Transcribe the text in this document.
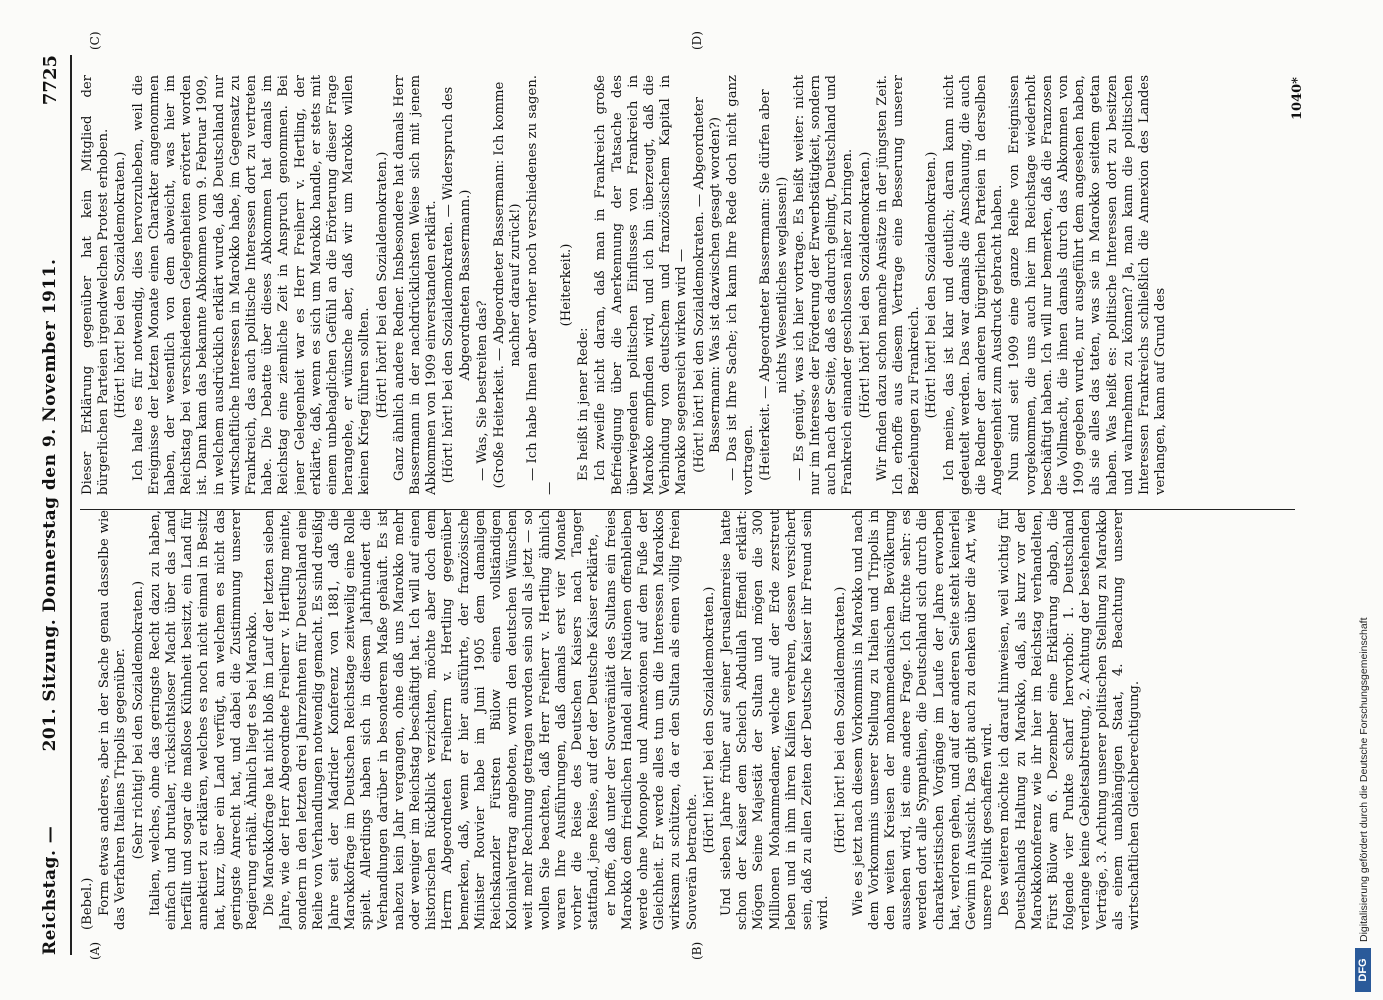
Reichstag. —
201. Sitzung. Donnerstag den 9. November 1911.
7725
(A)	(B)
(C)	(D)

(Bebel.) Form etwas anderes, aber in der Sache genau dasselbe wie das Verfahren Italiens Tripolis gegenüber. (Sehr richtig! bei den Sozialdemokraten.) Italien, welches, ohne das geringste Recht dazu zu haben, einfach und brutaler, rücksichtsloser Macht über das Land herfällt und sogar die maßlose Kühnheit besitzt, ein Land für annektiert zu erklären, welches es noch nicht einmal in Besitz hat, kurz, über ein Land verfügt, an welchem es nicht das geringste Anrecht hat, und dabei die Zustimmung unserer Regierung erhält. Ähnlich liegt es bei Marokko. Die Marokkofrage hat nicht bloß im Lauf der letzten sieben Jahre, wie der Herr Abgeordnete Freiherr v. Hertling meinte, sondern in den letzten drei Jahrzehnten für Deutschland eine Reihe von Verhandlungen notwendig gemacht. Es sind dreißig Jahre seit der Madrider Konferenz von 1881, daß die Marokkofrage im Deutschen Reichstage zeitweilig eine Rolle spielt. Allerdings haben sich in diesem Jahrhundert die Verhandlungen darüber in besonderem Maße gehäuft. Es ist nahezu kein Jahr vergangen, ohne daß uns Marokko mehr oder weniger im Reichstag beschäftigt hat. Ich will auf einen historischen Rückblick verzichten, möchte aber doch dem Herrn Abgeordneten Freiherrn v. Hertling gegenüber bemerken, daß, wenn er hier ausführte, der französische Minister Rouvier habe im Juni 1905 dem damaligen Reichskanzler Fürsten Bülow einen vollständigen Kolonialvertrag angeboten, worin den deutschen Wünschen weit mehr Rechnung getragen worden sein soll als jetzt — so wollen Sie beachten, daß Herr Freiherr v. Hertling ähnlich waren Ihre Ausführungen, daß damals erst vier Monate vorher die Reise des Deutschen Kaisers nach Tanger stattfand, jene Reise, auf der der Deutsche Kaiser erklärte, er hoffe, daß unter der Souveränität des Sultans ein freies Marokko dem friedlichen Handel aller Nationen offenbleiben werde ohne Monopole und Annexionen auf dem Fuße der Gleichheit. Er werde alles tun um die Interessen Marokkos wirksam zu schützen, da er den Sultan als einen völlig freien Souverän betrachte.

(Hört! hört! bei den Sozialdemokraten.) Und sieben Jahre früher auf seiner Jerusalemreise hatte schon der Kaiser dem Scheich Abdullah Effendi erklärt: Mögen Seine Majestät der Sultan und mögen die 300 Millionen Mohammedaner, welche auf der Erde zerstreut leben und in ihm ihren Kalifen verehren, dessen versichert sein, daß zu allen Zeiten der Deutsche Kaiser ihr Freund sein wird.

(Hört! hört! bei den Sozialdemokraten.) Wie es jetzt nach diesem Vorkommnis in Marokko und nach dem Vorkommnis unserer Stellung zu Italien und Tripolis in den weiten Kreisen der mohammedanischen Bevölkerung aussehen wird, ist eine andere Frage. Ich fürchte sehr: es werden dort alle Sympathien, die Deutschland sich durch die charakteristischen Vorgänge im Laufe der Jahre erworben hat, verloren gehen, und auf der anderen Seite steht keinerlei Gewinn in Aussicht. Das gibt auch zu denken über die Art, wie unsere Politik geschaffen wird. Des weiteren möchte ich darauf hinweisen, weil wichtig für Deutschlands Haltung zu Marokko, daß, als kurz vor der Marokkokonferenz wie ihr hier im Reichstag verhandelten, Fürst Bülow am 6. Dezember eine Erklärung abgab, die folgende vier Punkte scharf hervorhob: 1. Deutschland verlange keine Gebietsabtretung, 2. Achtung der bestehenden Verträge, 3. Achtung unserer politischen Stellung zu Marokko als einem unabhängigen Staat, 4. Beachtung unserer wirtschaftlichen Gleichberechtigung.

Dieser Erklärung gegenüber hat kein Mitglied der bürgerlichen Parteien irgendwelchen Protest erhoben. (Hört! hört! bei den Sozialdemokraten.) Ich halte es für notwendig, dies hervorzuheben, weil die Ereignisse der letzten Monate einen Charakter angenommen haben, der wesentlich von dem abweicht, was hier im Reichstag bei verschiedenen Gelegenheiten erörtert worden ist. Dann kam das bekannte Abkommen vom 9. Februar 1909, in welchem ausdrücklich erklärt wurde, daß Deutschland nur wirtschaftliche Interessen in Marokko habe, im Gegensatz zu Frankreich, das auch politische Interessen dort zu vertreten habe. Die Debatte über dieses Abkommen hat damals im Reichstag eine ziemliche Zeit in Anspruch genommen. Bei jener Gelegenheit war es Herr Freiherr v. Hertling, der erklärte, daß, wenn es sich um Marokko handle, er stets mit einem unbehaglichen Gefühl an die Erörterung dieser Frage herangehe, er wünsche aber, daß wir um Marokko willen keinen Krieg führen sollten. (Hört! hört! bei den Sozialdemokraten.) Ganz ähnlich andere Redner. Insbesondere hat damals Herr Bassermann in der nachdrücklichsten Weise sich mit jenem Abkommen von 1909 einverstanden erklärt. (Hört! hört! bei den Sozialdemokraten. — Widerspruch des Abgeordneten Bassermann.)

— Was, Sie bestreiten das? (Große Heiterkeit. — Abgeordneter Bassermann: Ich komme nachher darauf zurück!) — Ich habe Ihnen aber vorher noch verschiedenes zu sagen. —

(Heiterkeit.)

Es heißt in jener Rede: Ich zweifle nicht daran, daß man in Frankreich große Befriedigung über die Anerkennung der Tatsache des überwiegenden politischen Einflusses von Frankreich in Marokko empfinden wird, und ich bin überzeugt, daß die Verbindung von deutschem und französischem Kapital in Marokko segensreich wirken wird — (Hört! hört! bei den Sozialdemokraten. — Abgeordneter Bassermann: Was ist dazwischen gesagt worden?) — Das ist Ihre Sache; ich kann Ihre Rede doch nicht ganz vortragen. (Heiterkeit. — Abgeordneter Bassermann: Sie dürfen aber nichts Wesentliches weglassen!) — Es genügt, was ich hier vortrage. Es heißt weiter: nicht nur im Interesse der Förderung der Erwerbstätigkeit, sondern auch nach der Seite, daß es dadurch gelingt, Deutschland und Frankreich einander geschlossen näher zu bringen. (Hört! hört! bei den Sozialdemokraten.) Wir finden dazu schon manche Ansätze in der jüngsten Zeit. Ich erhoffe aus diesem Vertrage eine Besserung unserer Beziehungen zu Frankreich. (Hört! hört! bei den Sozialdemokraten.) Ich meine, das ist klar und deutlich; daran kann nicht gedeutelt werden. Das war damals die Anschauung, die auch die Redner der anderen bürgerlichen Parteien in derselben Angelegenheit zum Ausdruck gebracht haben. Nun sind seit 1909 eine ganze Reihe von Ereignissen vorgekommen, die uns auch hier im Reichstage wiederholt beschäftigt haben. Ich will nur bemerken, daß die Franzosen die Vollmacht, die ihnen damals durch das Abkommen von 1909 gegeben wurde, nur ausgeführt dem angesehen haben, als sie alles das taten, was sie in Marokko seitdem getan haben. Was heißt es: politische Interessen dort zu besitzen und wahrnehmen zu können? Ja, man kann die politischen Interessen Frankreichs schließlich die Annexion des Landes verlangen, kann auf Grund des

1040*
DFG
Digitalisierung gefördert durch die Deutsche Forschungsgemeinschaft
